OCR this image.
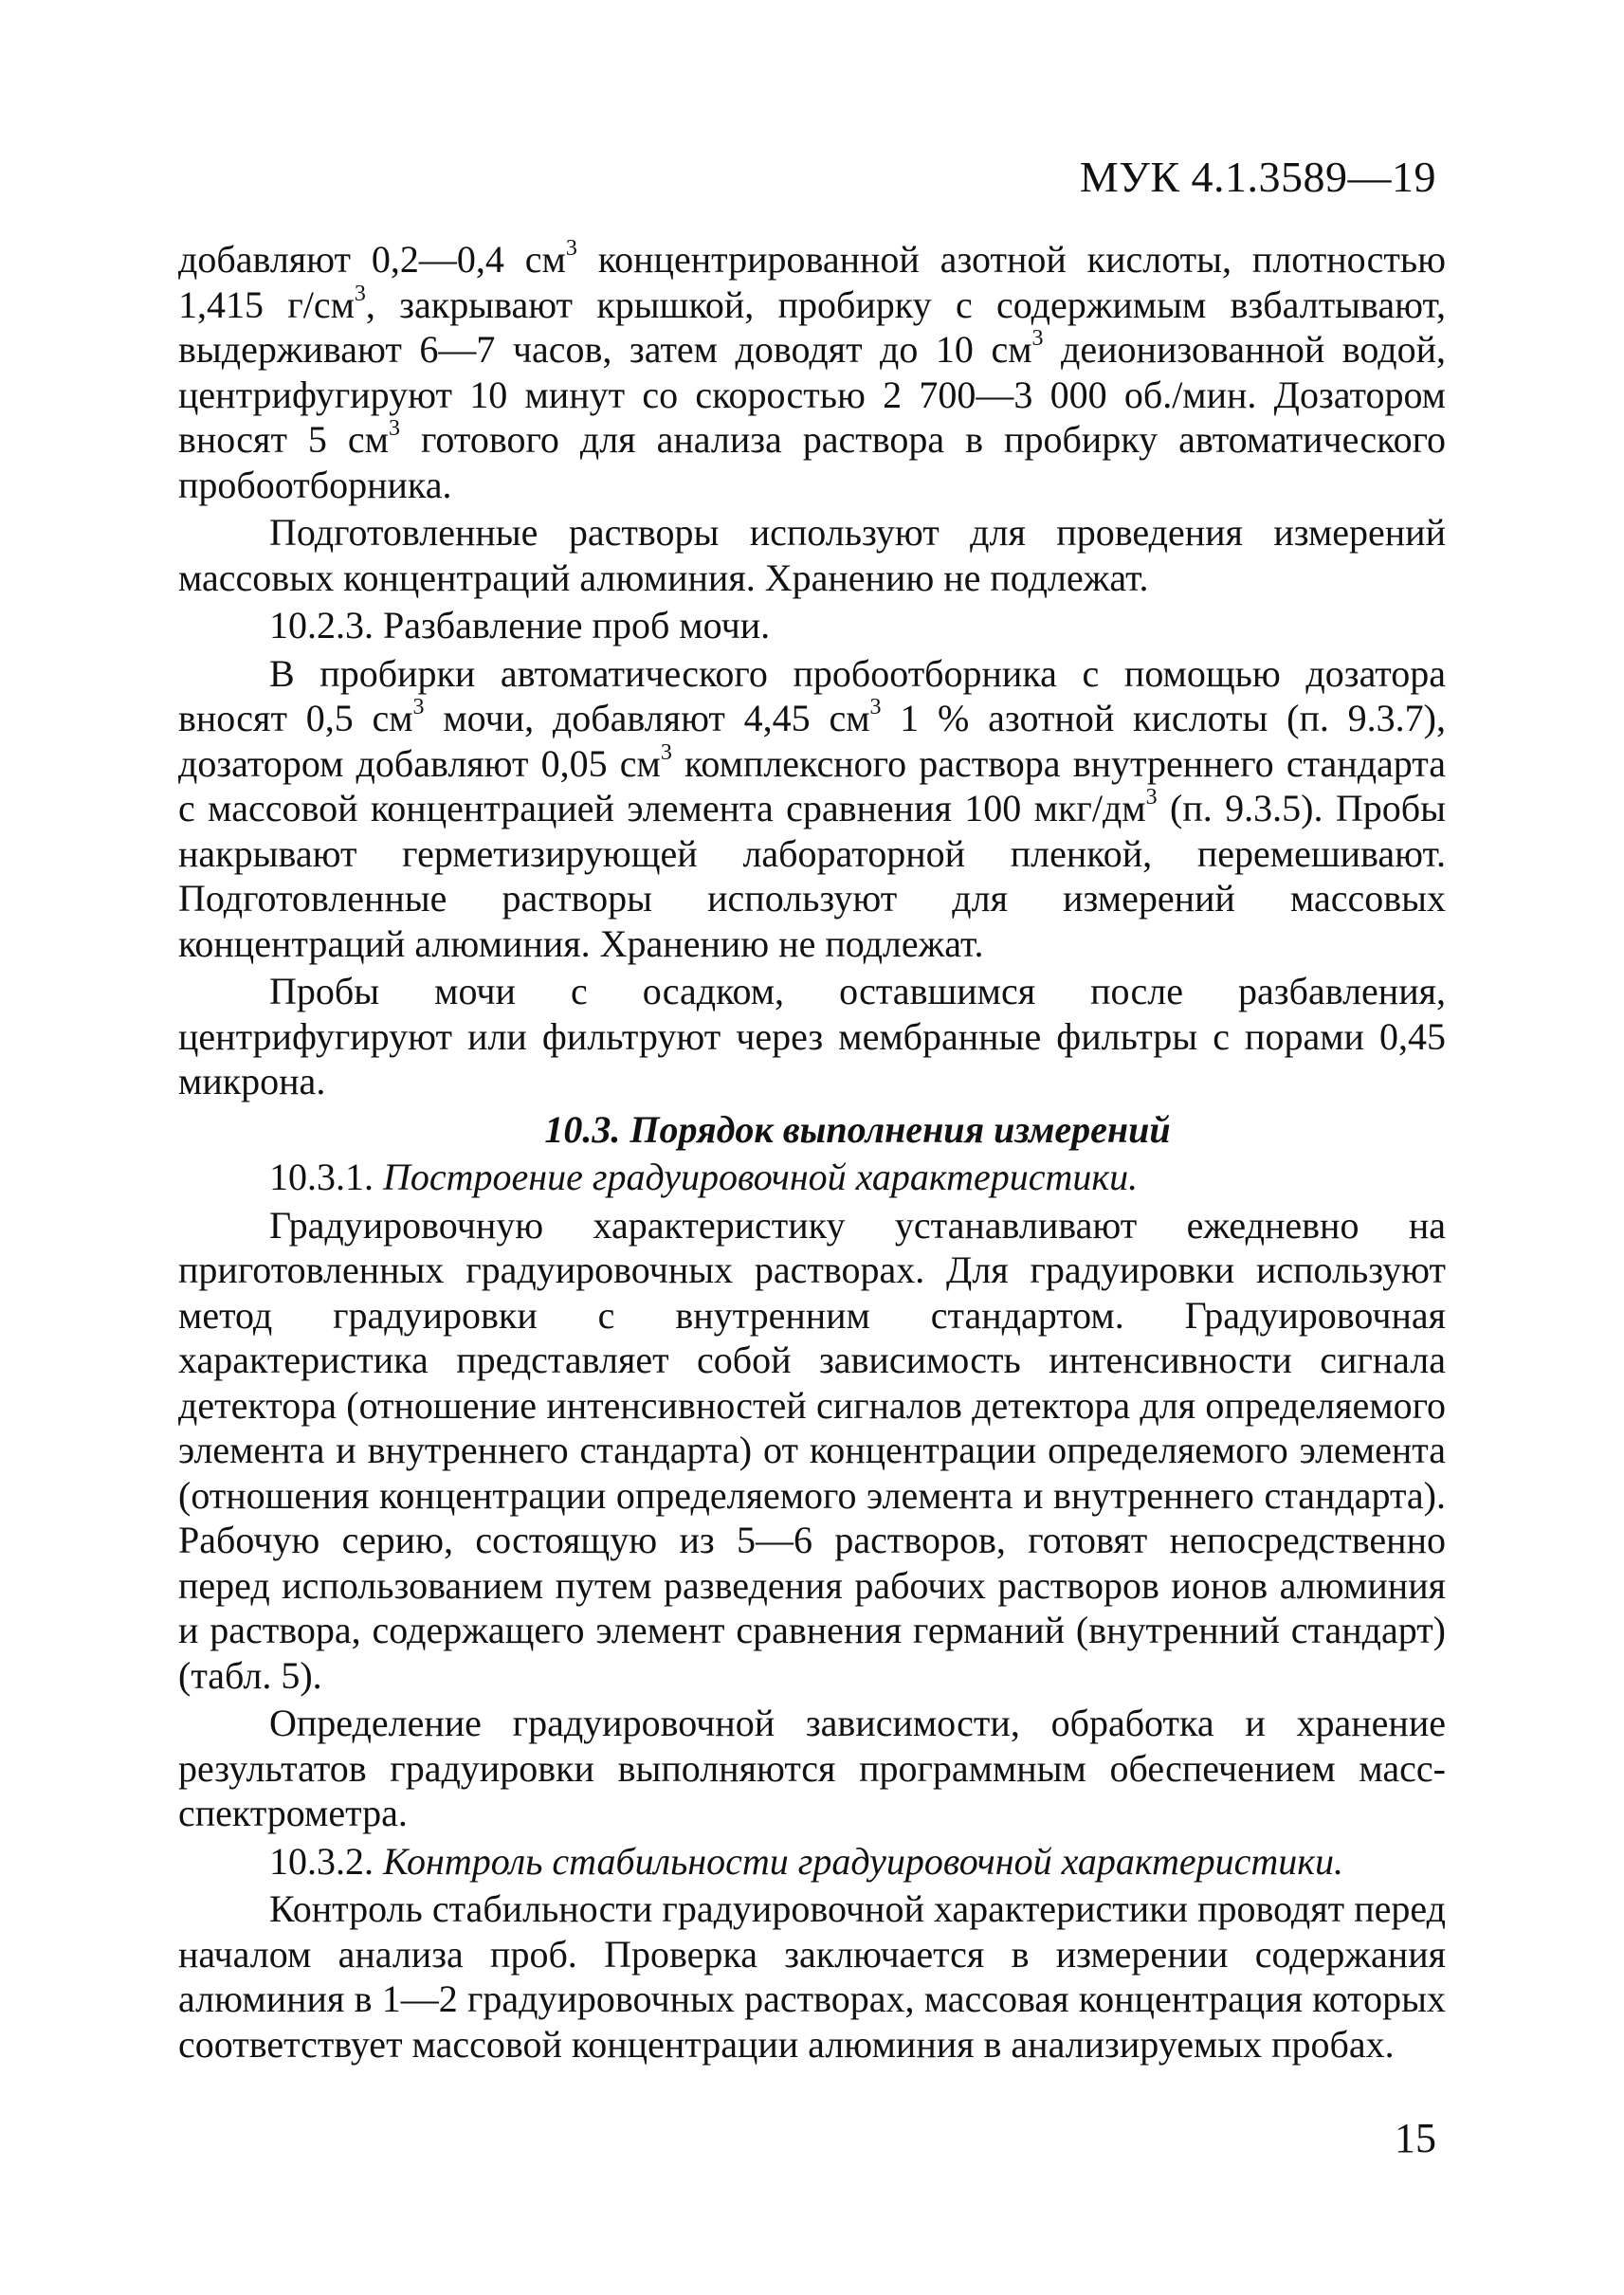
МУК 4.1.3589—19

добавляют 0,2—0,4 $см^3$ концентрированной азотной кислоты, плотностью 1,415 $г/см^3$, закрывают крышкой, пробирку с содержимым взбалтывают, выдерживают 6—7 часов, затем доводят до 10 $см^3$ деионизованной водой, центрифугируют 10 минут со скоростью 2 700—3 000 об./мин. Дозатором вносят 5 $см^3$ готового для анализа раствора в пробирку автоматического пробоотборника.

Подготовленные растворы используют для проведения измерений массовых концентраций алюминия. Хранению не подлежат.

10.2.3. Разбавление проб мочи.

В пробирки автоматического пробоотборника с помощью дозатора вносят 0,5 $см^3$ мочи, добавляют 4,45 $см^3$ 1 % азотной кислоты (п. 9.3.7), дозатором добавляют 0,05 $см^3$ комплексного раствора внутреннего стандарта с массовой концентрацией элемента сравнения 100 мкг/$дм^3$ (п. 9.3.5). Пробы накрывают герметизирующей лабораторной пленкой, перемешивают. Подготовленные растворы используют для измерений массовых концентраций алюминия. Хранению не подлежат.

Пробы мочи с осадком, оставшимся после разбавления, центрифугируют или фильтруют через мембранные фильтры с порами 0,45 микрона.

10.3. Порядок выполнения измерений

10.3.1. Построение градуировочной характеристики.

Градуировочную характеристику устанавливают ежедневно на приготовленных градуировочных растворах. Для градуировки используют метод градуировки с внутренним стандартом. Градуировочная характеристика представляет собой зависимость интенсивности сигнала детектора (отношение интенсивностей сигналов детектора для определяемого элемента и внутреннего стандарта) от концентрации определяемого элемента (отношения концентрации определяемого элемента и внутреннего стандарта). Рабочую серию, состоящую из 5—6 растворов, готовят непосредственно перед использованием путем разведения рабочих растворов ионов алюминия и раствора, содержащего элемент сравнения германий (внутренний стандарт) (табл. 5).

Определение градуировочной зависимости, обработка и хранение результатов градуировки выполняются программным обеспечением масс-спектрометра.

10.3.2. Контроль стабильности градуировочной характеристики.

Контроль стабильности градуировочной характеристики проводят перед началом анализа проб. Проверка заключается в измерении содержания алюминия в 1—2 градуировочных растворах, массовая концентрация которых соответствует массовой концентрации алюминия в анализируемых пробах.

15
